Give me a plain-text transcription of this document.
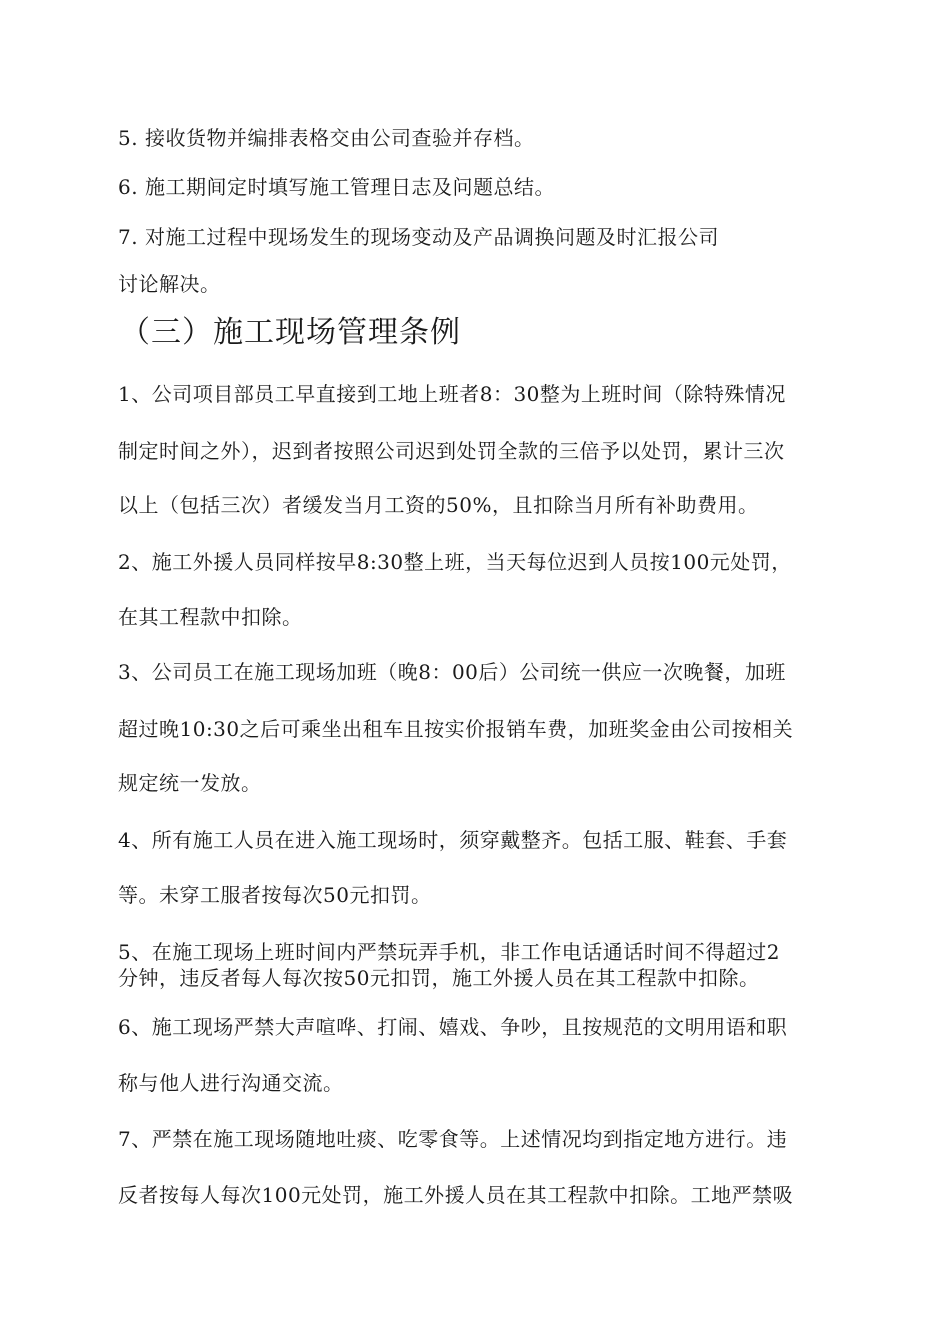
5. 接收货物并编排表格交由公司查验并存档。
6. 施工期间定时填写施工管理日志及问题总结。
7. 对施工过程中现场发生的现场变动及产品调换问题及时汇报公司
讨论解决。
（三）施工现场管理条例
1、公司项目部员工早直接到工地上班者8：30整为上班时间（除特殊情况
制定时间之外），迟到者按照公司迟到处罚全款的三倍予以处罚，累计三次
以上（包括三次）者缓发当月工资的50%，且扣除当月所有补助费用。
2、施工外援人员同样按早8:30整上班，当天每位迟到人员按100元处罚，
在其工程款中扣除。
3、公司员工在施工现场加班（晚8：00后）公司统一供应一次晚餐，加班
超过晚10:30之后可乘坐出租车且按实价报销车费，加班奖金由公司按相关
规定统一发放。
4、所有施工人员在进入施工现场时，须穿戴整齐。包括工服、鞋套、手套
等。未穿工服者按每次50元扣罚。
5、在施工现场上班时间内严禁玩弄手机，非工作电话通话时间不得超过2
分钟，违反者每人每次按50元扣罚，施工外援人员在其工程款中扣除。
6、施工现场严禁大声喧哗、打闹、嬉戏、争吵，且按规范的文明用语和职
称与他人进行沟通交流。
7、严禁在施工现场随地吐痰、吃零食等。上述情况均到指定地方进行。违
反者按每人每次100元处罚，施工外援人员在其工程款中扣除。工地严禁吸
